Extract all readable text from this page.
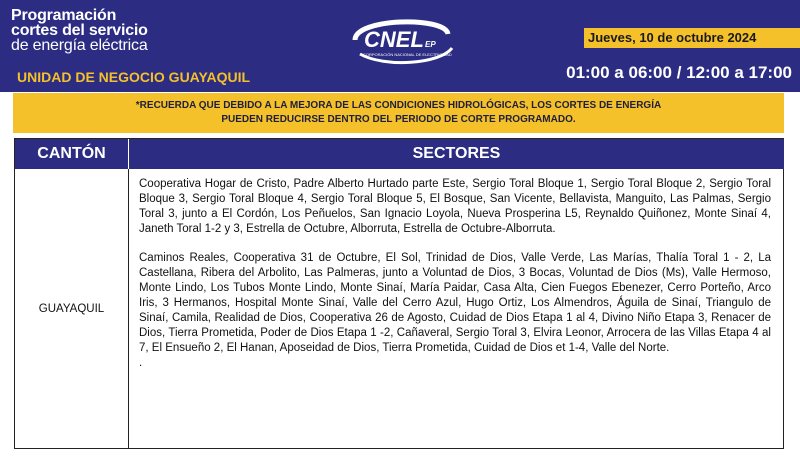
Programación
cortes del servicio
de energía eléctrica	CNEL EP
CORPORACIÓN NACIONAL DE ELECTRICIDAD
Jueves, 10 de octubre 2024
UNIDAD DE NEGOCIO GUAYAQUIL	01:00 a 06:00 / 12:00 a 17:00
*RECUERDA QUE DEBIDO A LA MEJORA DE LAS CONDICIONES HIDROLÓGICAS, LOS CORTES DE ENERGÍA
PUEDEN REDUCIRSE DENTRO DEL PERIODO DE CORTE PROGRAMADO.
CANTÓN	SECTORES
GUAYAQUIL

Cooperativa Hogar de Cristo, Padre Alberto Hurtado parte Este, Sergio Toral Bloque 1, Sergio Toral Bloque 2, Sergio Toral Bloque 3, Sergio Toral Bloque 4, Sergio Toral Bloque 5, El Bosque, San Vicente, Bellavista, Manguito, Las Palmas, Sergio Toral 3, junto a El Cordón, Los Peñuelos, San Ignacio Loyola, Nueva Prosperina L5, Reynaldo Quiñonez, Monte Sinaí 4, Janeth Toral 1-2 y 3, Estrella de Octubre, Alborruta, Estrella de Octubre-Alborruta.

Caminos Reales, Cooperativa 31 de Octubre, El Sol, Trinidad de Dios, Valle Verde, Las Marías, Thalía Toral 1 - 2, La Castellana, Ribera del Arbolito, Las Palmeras, junto a Voluntad de Dios, 3 Bocas, Voluntad de Dios (Ms), Valle Hermoso, Monte Lindo, Los Tubos Monte Lindo, Monte Sinaí, María Paidar, Casa Alta, Cien Fuegos Ebenezer, Cerro Porteño, Arco Iris, 3 Hermanos, Hospital Monte Sinaí, Valle del Cerro Azul, Hugo Ortiz, Los Almendros, Águila de Sinaí, Triangulo de Sinaí, Camila, Realidad de Dios, Cooperativa 26 de Agosto, Cuidad de Dios Etapa 1 al 4, Divino Niño Etapa 3, Renacer de Dios, Tierra Prometida, Poder de Dios Etapa 1 -2, Cañaveral, Sergio Toral 3, Elvira Leonor, Arrocera de las Villas Etapa 4 al 7, El Ensueño 2, El Hanan, Aposeidad de Dios, Tierra Prometida, Cuidad de Dios et 1-4, Valle del Norte.

.
